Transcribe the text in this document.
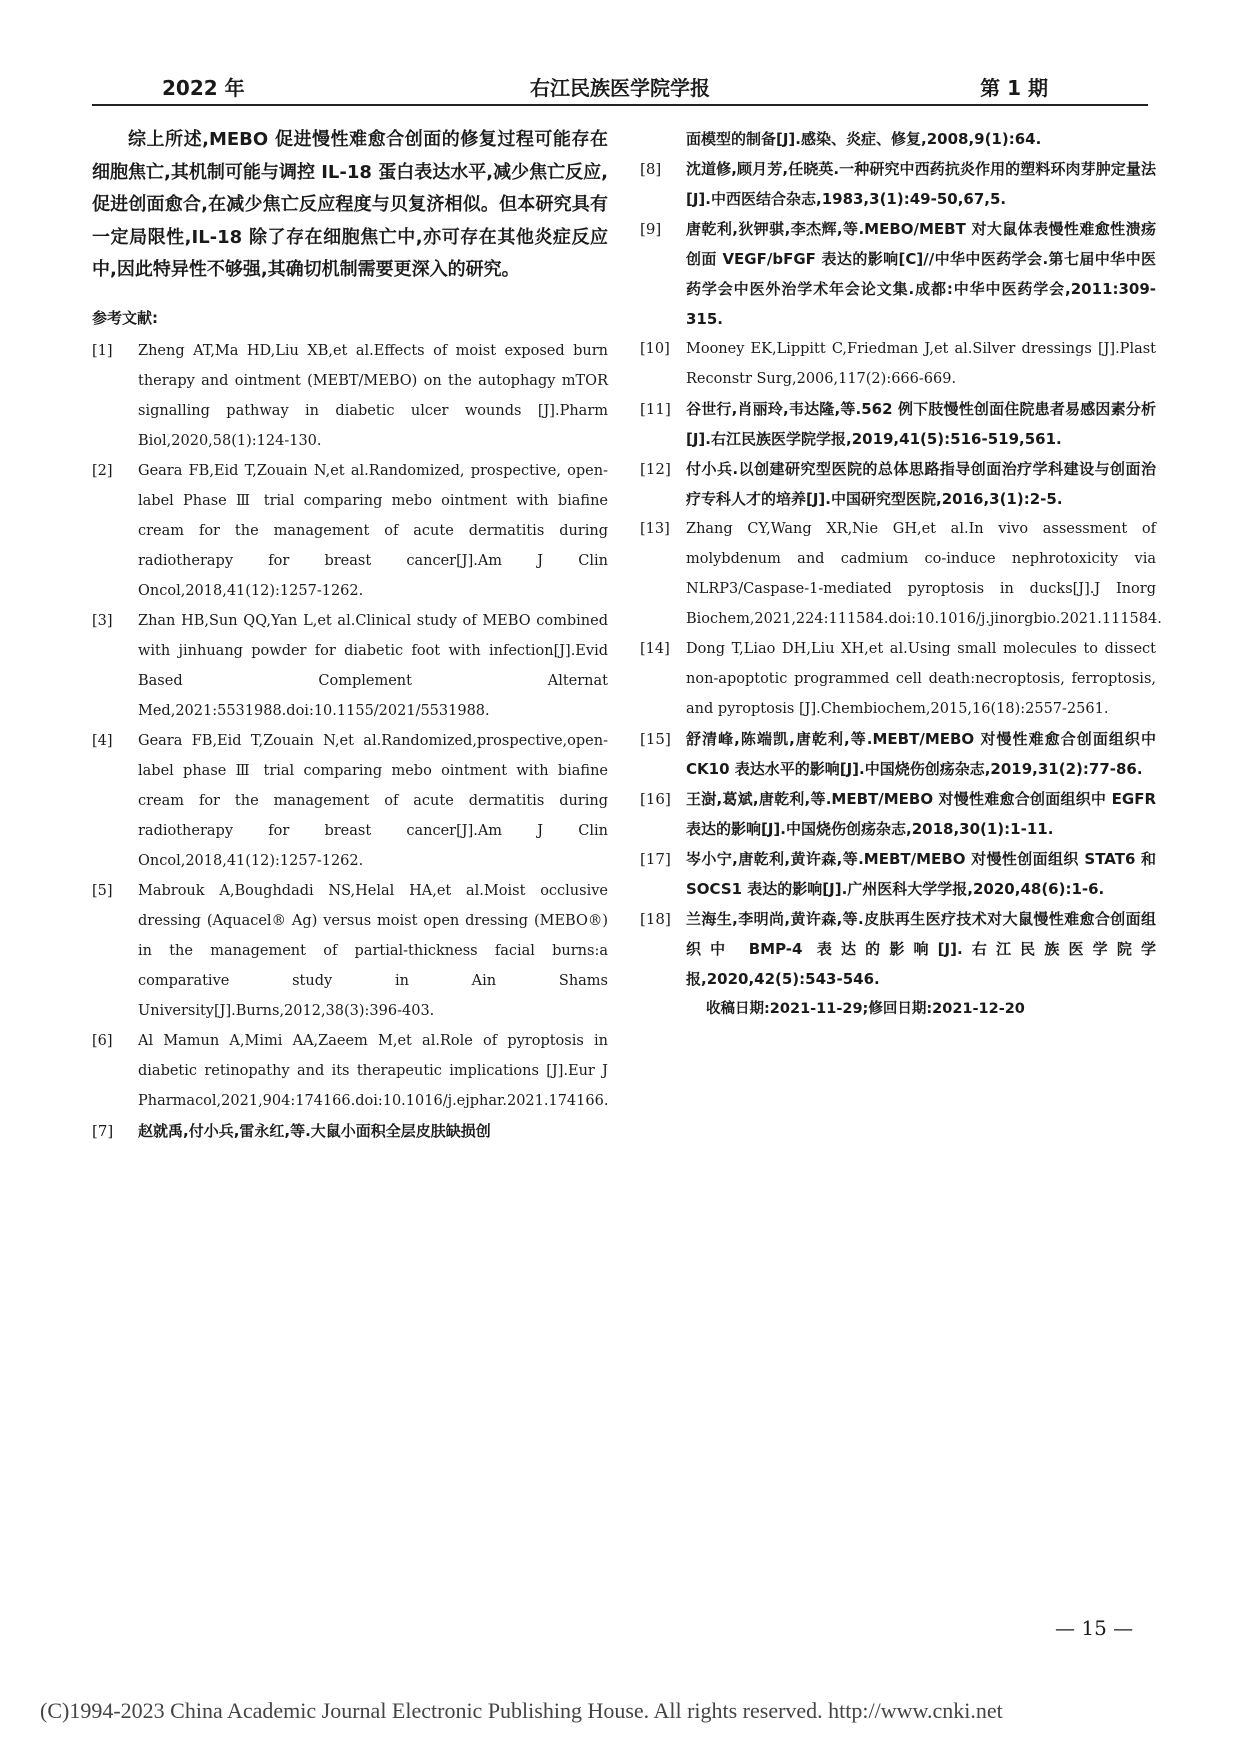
2022 年	右江民族医学院学报	第 1 期

综上所述,MEBO 促进慢性难愈合创面的修复过程可能存在细胞焦亡,其机制可能与调控 IL-18 蛋白表达水平,减少焦亡反应,促进创面愈合,在减少焦亡反应程度与贝复济相似。但本研究具有一定局限性,IL-18 除了存在细胞焦亡中,亦可存在其他炎症反应中,因此特异性不够强,其确切机制需要更深入的研究。

参考文献:
[1] Zheng AT,Ma HD,Liu XB,et al.Effects of moist exposed burn therapy and ointment (MEBT/MEBO) on the autophagy mTOR signalling pathway in diabetic ulcer wounds [J].Pharm Biol,2020,58(1):124-130.
[2] Geara FB,Eid T,Zouain N,et al.Randomized, prospective, open-label Phase Ⅲ trial comparing mebo ointment with biafine cream for the management of acute dermatitis during radiotherapy for breast cancer[J].Am J Clin Oncol,2018,41(12):1257-1262.
[3] Zhan HB,Sun QQ,Yan L,et al.Clinical study of MEBO combined with jinhuang powder for diabetic foot with infection[J].Evid Based Complement Alternat Med,2021:5531988.doi:10.1155/2021/5531988.
[4] Geara FB,Eid T,Zouain N,et al.Randomized,prospective,open-label phase Ⅲ trial comparing mebo ointment with biafine cream for the management of acute dermatitis during radiotherapy for breast cancer[J].Am J Clin Oncol,2018,41(12):1257-1262.
[5] Mabrouk A,Boughdadi NS,Helal HA,et al.Moist occlusive dressing (Aquacel® Ag) versus moist open dressing (MEBO®) in the management of partial-thickness facial burns:a comparative study in Ain Shams University[J].Burns,2012,38(3):396-403.
[6] Al Mamun A,Mimi AA,Zaeem M,et al.Role of pyroptosis in diabetic retinopathy and its therapeutic implications [J].Eur J Pharmacol,2021,904:174166.doi:10.1016/j.ejphar.2021.174166.
[7] 赵就禹,付小兵,雷永红,等.大鼠小面积全层皮肤缺损创
面模型的制备[J].感染、炎症、修复,2008,9(1):64.
[8] 沈道修,顾月芳,任晓英.一种研究中西药抗炎作用的塑料环肉芽肿定量法[J].中西医结合杂志,1983,3(1):49-50,67,5.
[9] 唐乾利,狄钾骐,李杰辉,等.MEBO/MEBT 对大鼠体表慢性难愈性溃疡创面 VEGF/bFGF 表达的影响[C]//中华中医药学会.第七届中华中医药学会中医外治学术年会论文集.成都:中华中医药学会,2011:309-315.
[10] Mooney EK,Lippitt C,Friedman J,et al.Silver dressings [J].Plast Reconstr Surg,2006,117(2):666-669.
[11] 谷世行,肖丽玲,韦达隆,等.562 例下肢慢性创面住院患者易感因素分析[J].右江民族医学院学报,2019,41(5):516-519,561.
[12] 付小兵.以创建研究型医院的总体思路指导创面治疗学科建设与创面治疗专科人才的培养[J].中国研究型医院,2016,3(1):2-5.
[13] Zhang CY,Wang XR,Nie GH,et al.In vivo assessment of molybdenum and cadmium co-induce nephrotoxicity via NLRP3/Caspase-1-mediated pyroptosis in ducks[J].J Inorg Biochem,2021,224:111584.doi:10.1016/j.jinorgbio.2021.111584.
[14] Dong T,Liao DH,Liu XH,et al.Using small molecules to dissect non-apoptotic programmed cell death:necroptosis, ferroptosis, and pyroptosis [J].Chembiochem,2015,16(18):2557-2561.
[15] 舒清峰,陈端凯,唐乾利,等.MEBT/MEBO 对慢性难愈合创面组织中 CK10 表达水平的影响[J].中国烧伤创疡杂志,2019,31(2):77-86.
[16] 王澍,葛斌,唐乾利,等.MEBT/MEBO 对慢性难愈合创面组织中 EGFR 表达的影响[J].中国烧伤创疡杂志,2018,30(1):1-11.
[17] 岑小宁,唐乾利,黄许森,等.MEBT/MEBO 对慢性创面组织 STAT6 和 SOCS1 表达的影响[J].广州医科大学学报,2020,48(6):1-6.
[18] 兰海生,李明尚,黄许森,等.皮肤再生医疗技术对大鼠慢性难愈合创面组织中 BMP-4 表达的影响[J].右江民族医学院学报,2020,42(5):543-546.
收稿日期:2021-11-29;修回日期:2021-12-20
— 15 —
(C)1994-2023 China Academic Journal Electronic Publishing House. All rights reserved. http://www.cnki.net
